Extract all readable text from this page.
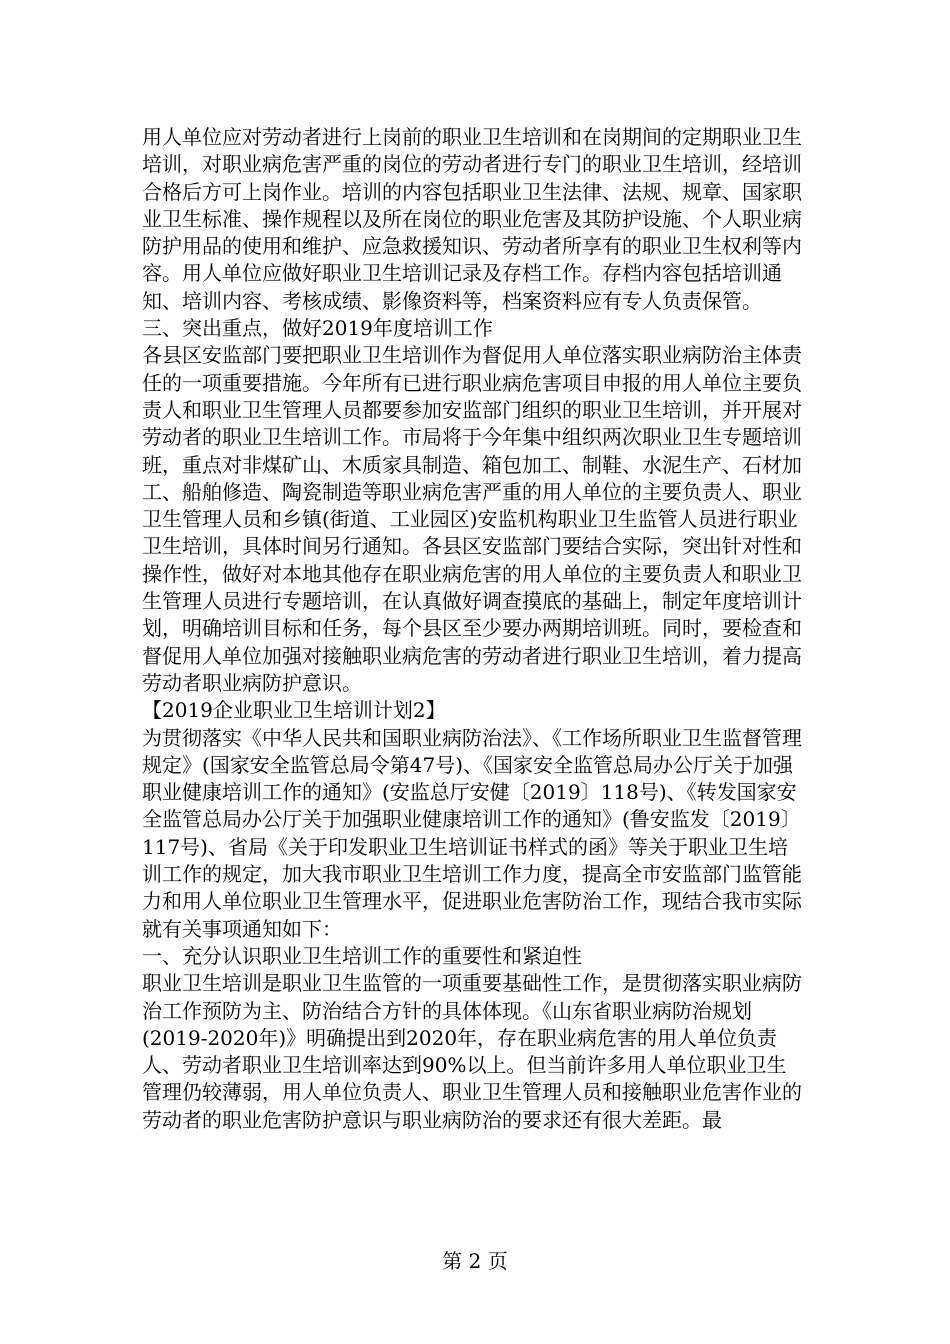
用人单位应对劳动者进行上岗前的职业卫生培训和在岗期间的定期职业卫生培训，对职业病危害严重的岗位的劳动者进行专门的职业卫生培训，经培训合格后方可上岗作业。培训的内容包括职业卫生法律、法规、规章、国家职业卫生标准、操作规程以及所在岗位的职业危害及其防护设施、个人职业病防护用品的使用和维护、应急救援知识、劳动者所享有的职业卫生权利等内容。用人单位应做好职业卫生培训记录及存档工作。存档内容包括培训通知、培训内容、考核成绩、影像资料等，档案资料应有专人负责保管。

三、突出重点，做好2019年度培训工作

各县区安监部门要把职业卫生培训作为督促用人单位落实职业病防治主体责任的一项重要措施。今年所有已进行职业病危害项目申报的用人单位主要负责人和职业卫生管理人员都要参加安监部门组织的职业卫生培训，并开展对劳动者的职业卫生培训工作。市局将于今年集中组织两次职业卫生专题培训班，重点对非煤矿山、木质家具制造、箱包加工、制鞋、水泥生产、石材加工、船舶修造、陶瓷制造等职业病危害严重的用人单位的主要负责人、职业卫生管理人员和乡镇(街道、工业园区)安监机构职业卫生监管人员进行职业卫生培训，具体时间另行通知。各县区安监部门要结合实际，突出针对性和操作性，做好对本地其他存在职业病危害的用人单位的主要负责人和职业卫生管理人员进行专题培训，在认真做好调查摸底的基础上，制定年度培训计划，明确培训目标和任务，每个县区至少要办两期培训班。同时，要检查和督促用人单位加强对接触职业病危害的劳动者进行职业卫生培训，着力提高劳动者职业病防护意识。

【2019企业职业卫生培训计划2】

为贯彻落实《中华人民共和国职业病防治法》、《工作场所职业卫生监督管理规定》(国家安全监管总局令第47号)、《国家安全监管总局办公厅关于加强职业健康培训工作的通知》(安监总厅安健〔2019〕118号)、《转发国家安全监管总局办公厅关于加强职业健康培训工作的通知》(鲁安监发〔2019〕117号)、省局《关于印发职业卫生培训证书样式的函》等关于职业卫生培训工作的规定，加大我市职业卫生培训工作力度，提高全市安监部门监管能力和用人单位职业卫生管理水平，促进职业危害防治工作，现结合我市实际就有关事项通知如下：

一、充分认识职业卫生培训工作的重要性和紧迫性

职业卫生培训是职业卫生监管的一项重要基础性工作，是贯彻落实职业病防治工作预防为主、防治结合方针的具体体现。《山东省职业病防治规划(2019-2020年)》明确提出到2020年，存在职业病危害的用人单位负责人、劳动者职业卫生培训率达到90%以上。但当前许多用人单位职业卫生管理仍较薄弱，用人单位负责人、职业卫生管理人员和接触职业危害作业的劳动者的职业危害防护意识与职业病防治的要求还有很大差距。最

第 2 页
